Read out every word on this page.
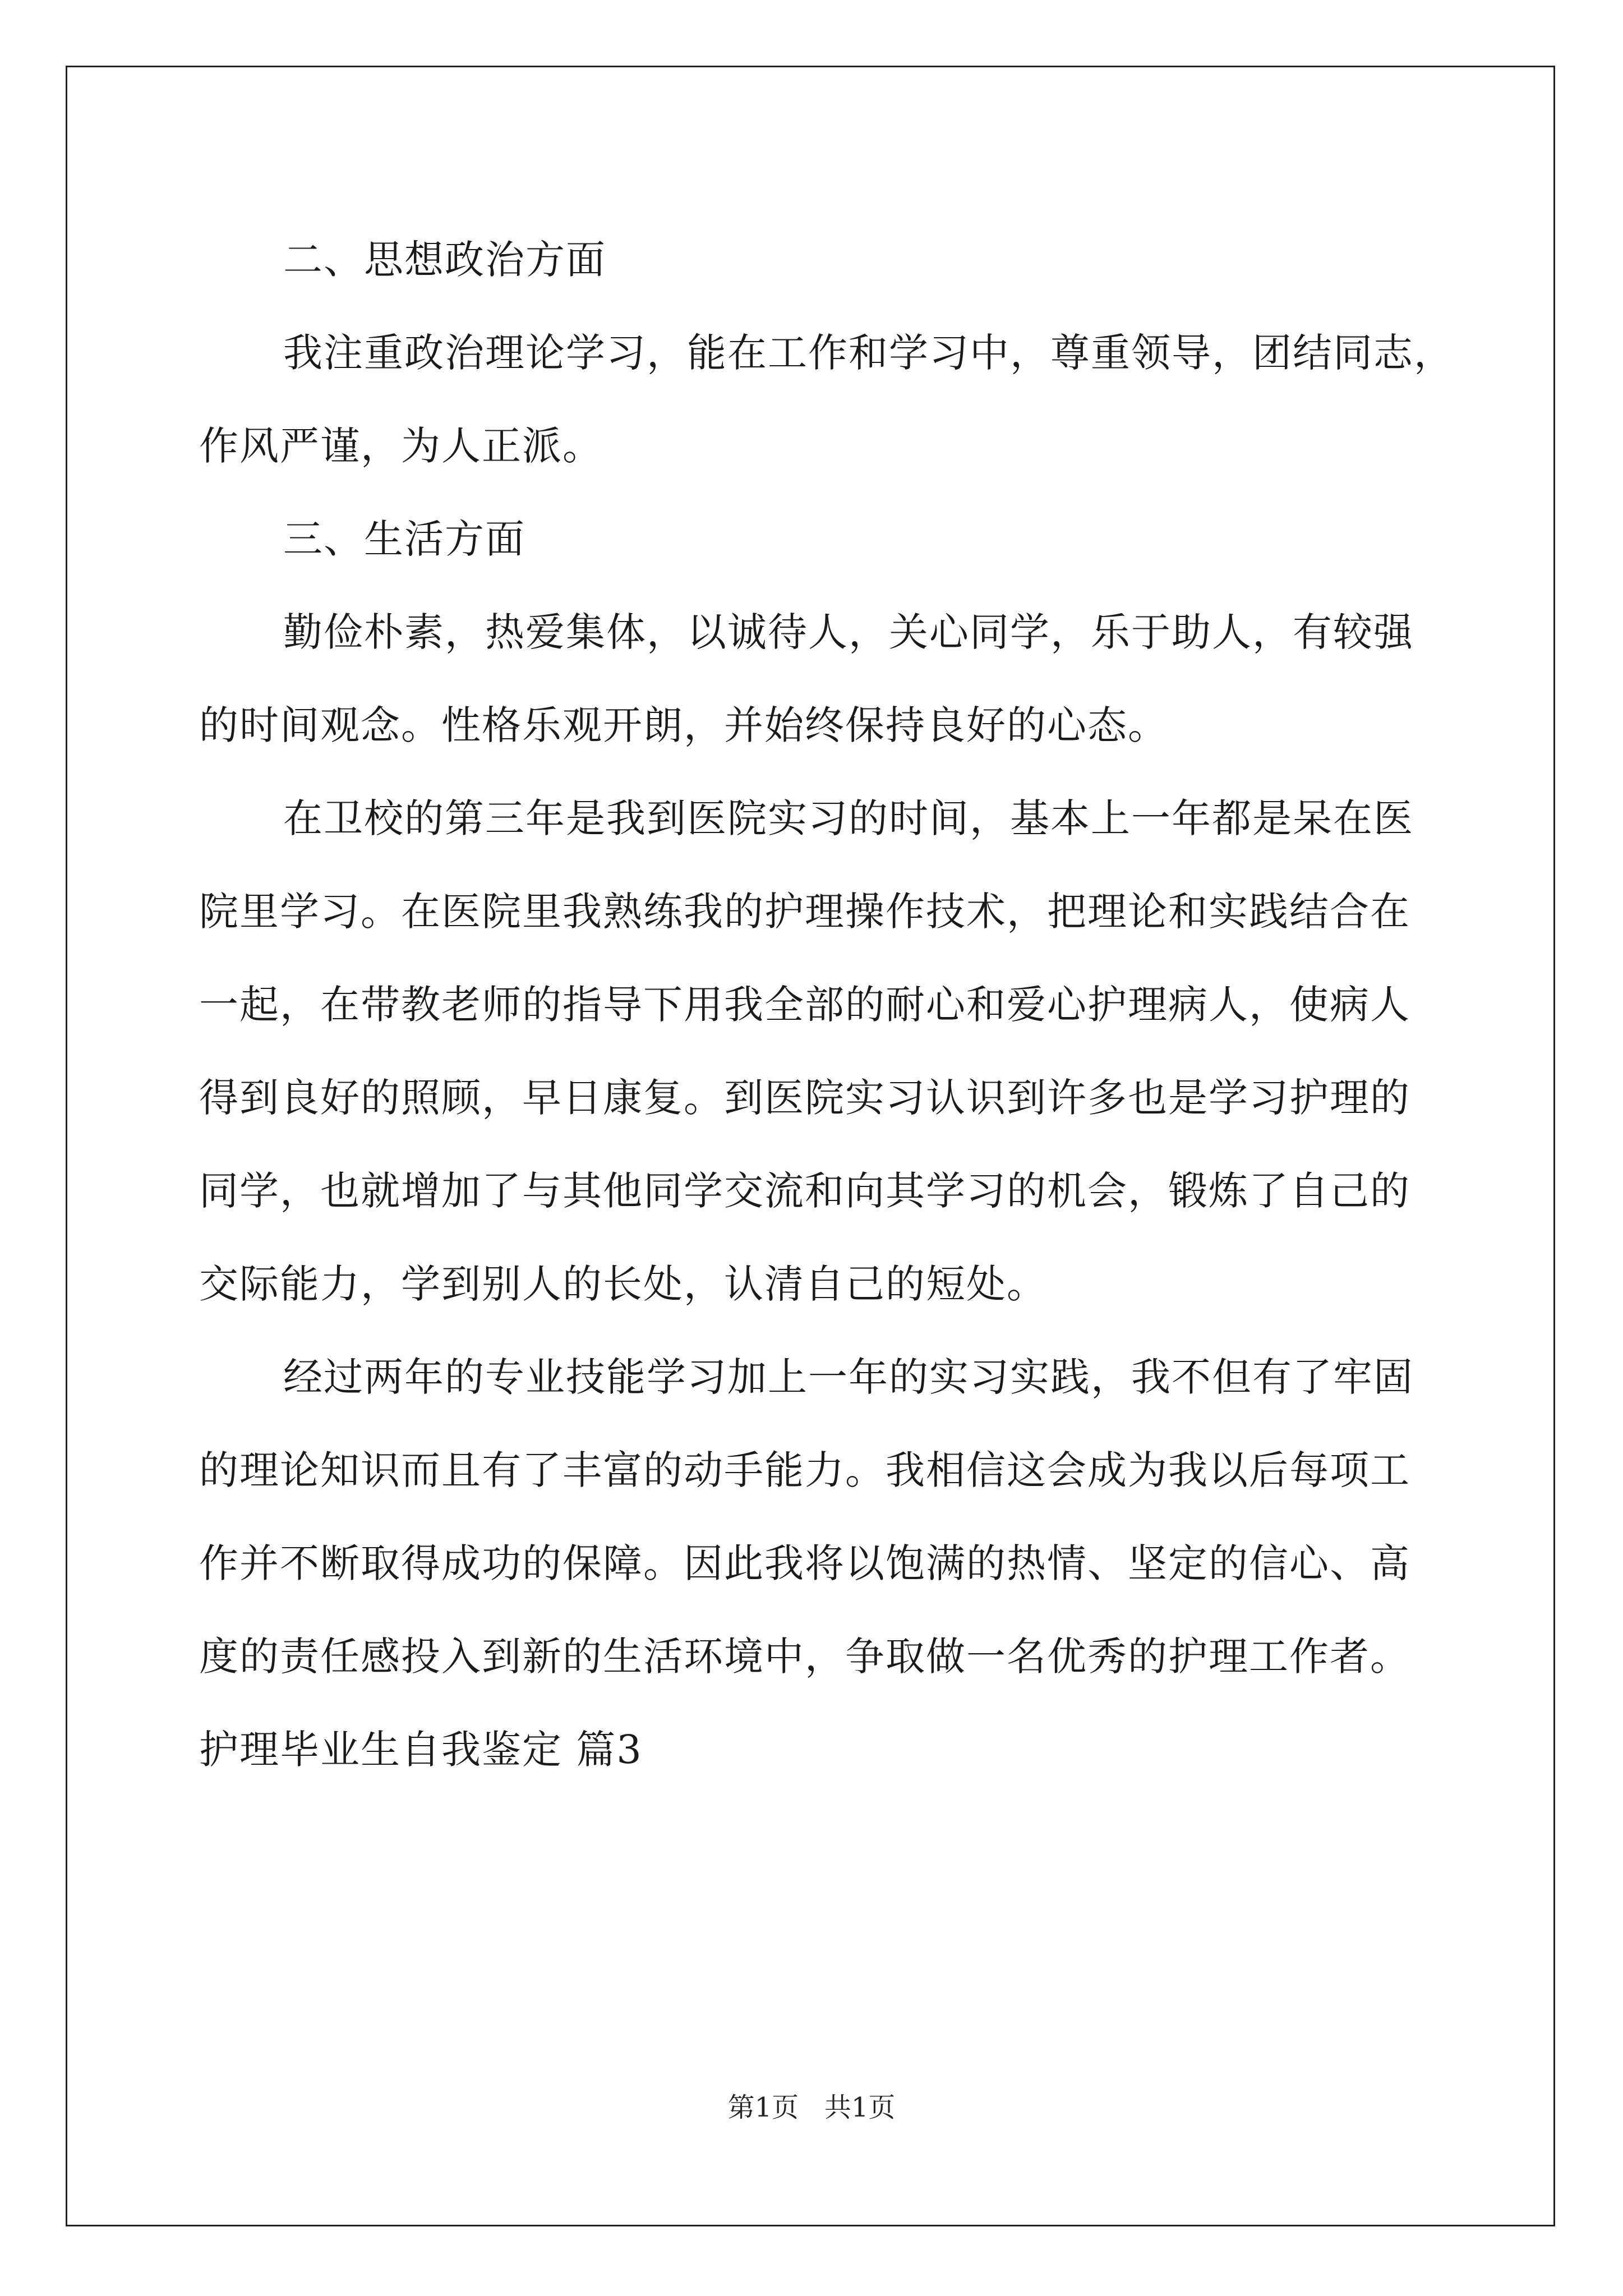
二、思想政治方面
我注重政治理论学习，能在工作和学习中，尊重领导，团结同志，
作风严谨，为人正派。
三、生活方面
勤俭朴素，热爱集体，以诚待人，关心同学，乐于助人，有较强
的时间观念。性格乐观开朗，并始终保持良好的心态。
在卫校的第三年是我到医院实习的时间，基本上一年都是呆在医
院里学习。在医院里我熟练我的护理操作技术，把理论和实践结合在
一起，在带教老师的指导下用我全部的耐心和爱心护理病人，使病人
得到良好的照顾，早日康复。到医院实习认识到许多也是学习护理的
同学，也就增加了与其他同学交流和向其学习的机会，锻炼了自己的
交际能力，学到别人的长处，认清自己的短处。
经过两年的专业技能学习加上一年的实习实践，我不但有了牢固
的理论知识而且有了丰富的动手能力。我相信这会成为我以后每项工
作并不断取得成功的保障。因此我将以饱满的热情、坚定的信心、高
度的责任感投入到新的生活环境中，争取做一名优秀的护理工作者。
护理毕业生自我鉴定 篇3
第1页   共1页
